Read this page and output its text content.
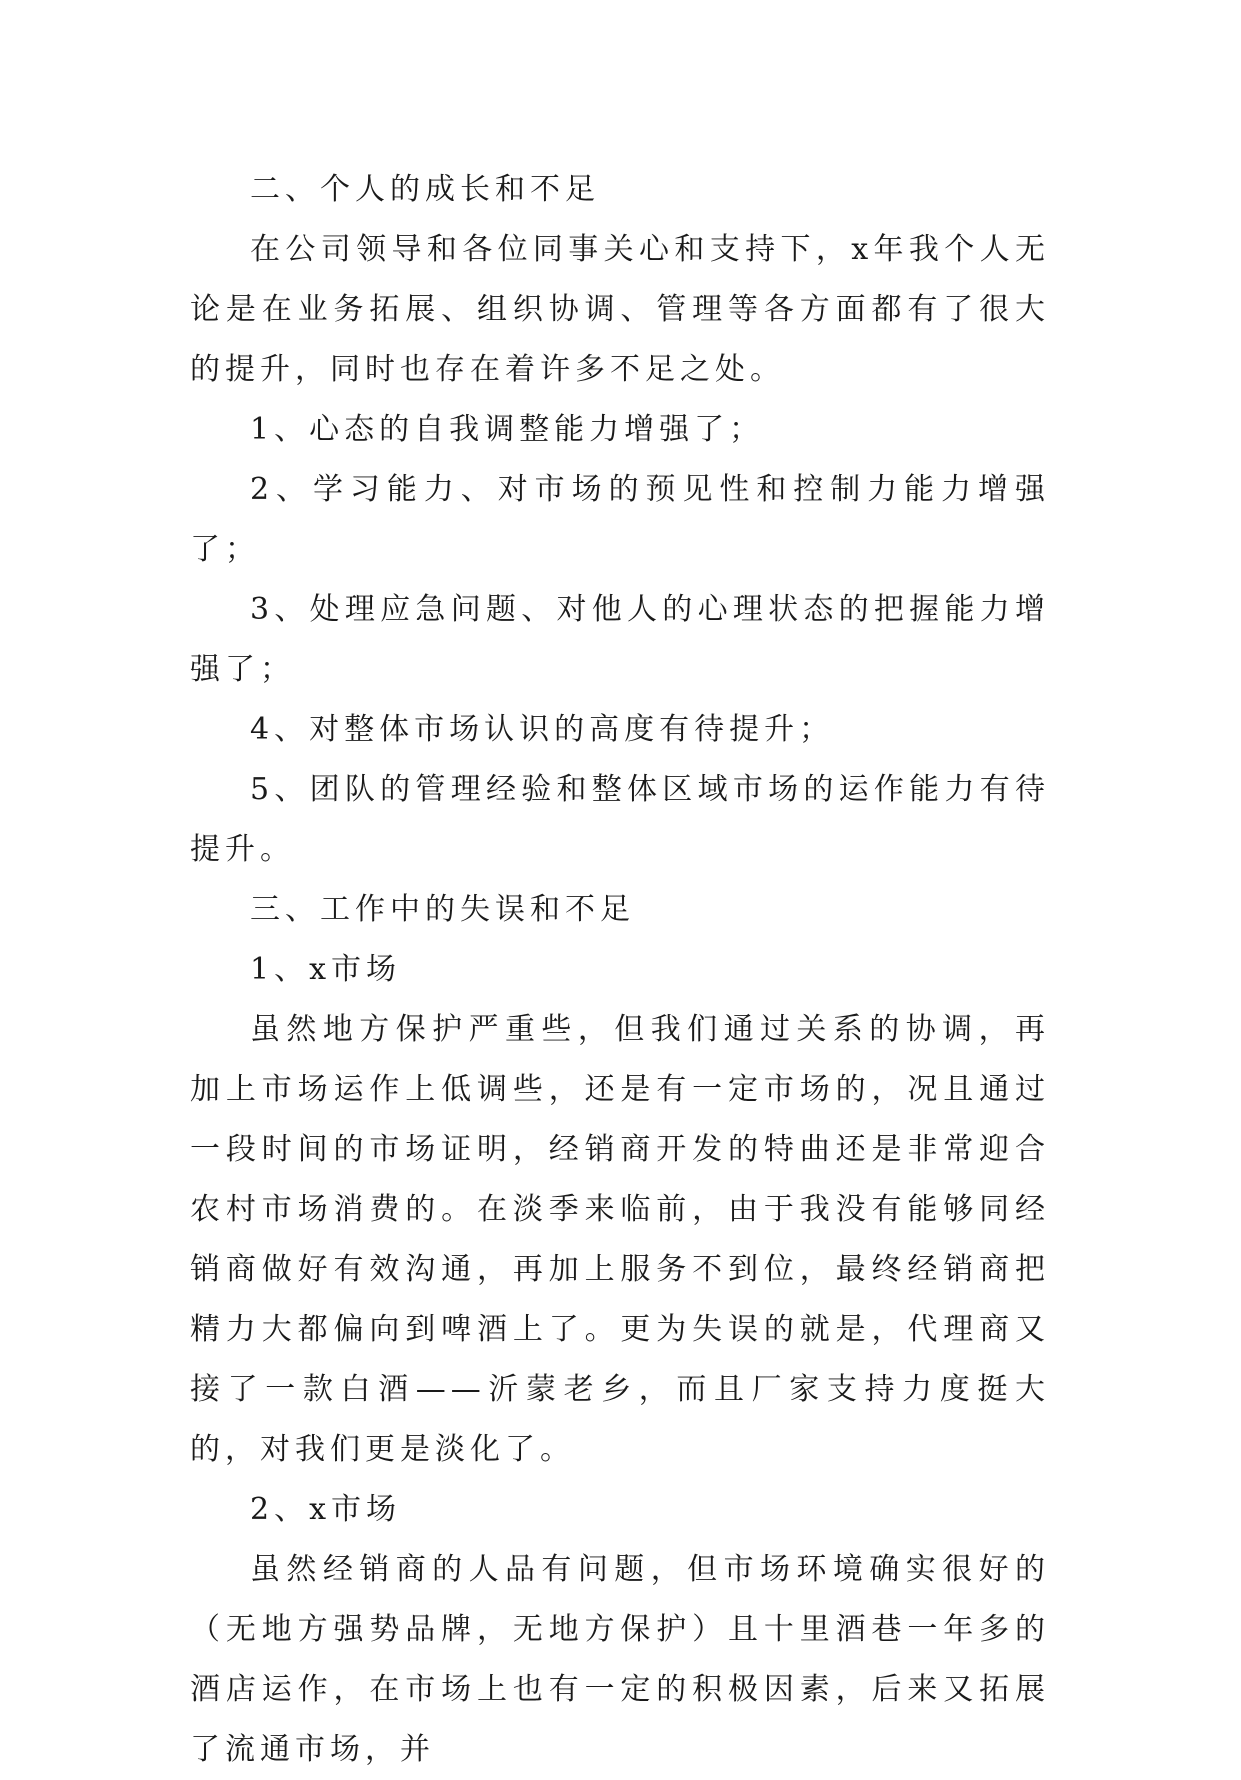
二、个人的成长和不足

在公司领导和各位同事关心和支持下，x年我个人无论是在业务拓展、组织协调、管理等各方面都有了很大的提升，同时也存在着许多不足之处。

1、心态的自我调整能力增强了；

2、学习能力、对市场的预见性和控制力能力增强了；

3、处理应急问题、对他人的心理状态的把握能力增强了；

4、对整体市场认识的高度有待提升；

5、团队的管理经验和整体区域市场的运作能力有待提升。

三、工作中的失误和不足

1、x市场

虽然地方保护严重些，但我们通过关系的协调，再加上市场运作上低调些，还是有一定市场的，况且通过一段时间的市场证明，经销商开发的特曲还是非常迎合农村市场消费的。在淡季来临前，由于我没有能够同经销商做好有效沟通，再加上服务不到位，最终经销商把精力大都偏向到啤酒上了。更为失误的就是，代理商又接了一款白酒——沂蒙老乡，而且厂家支持力度挺大的，对我们更是淡化了。

2、x市场

虽然经销商的人品有问题，但市场环境确实很好的（无地方强势品牌，无地方保护）且十里酒巷一年多的酒店运作，在市场上也有一定的积极因素，后来又拓展了流通市场，并
